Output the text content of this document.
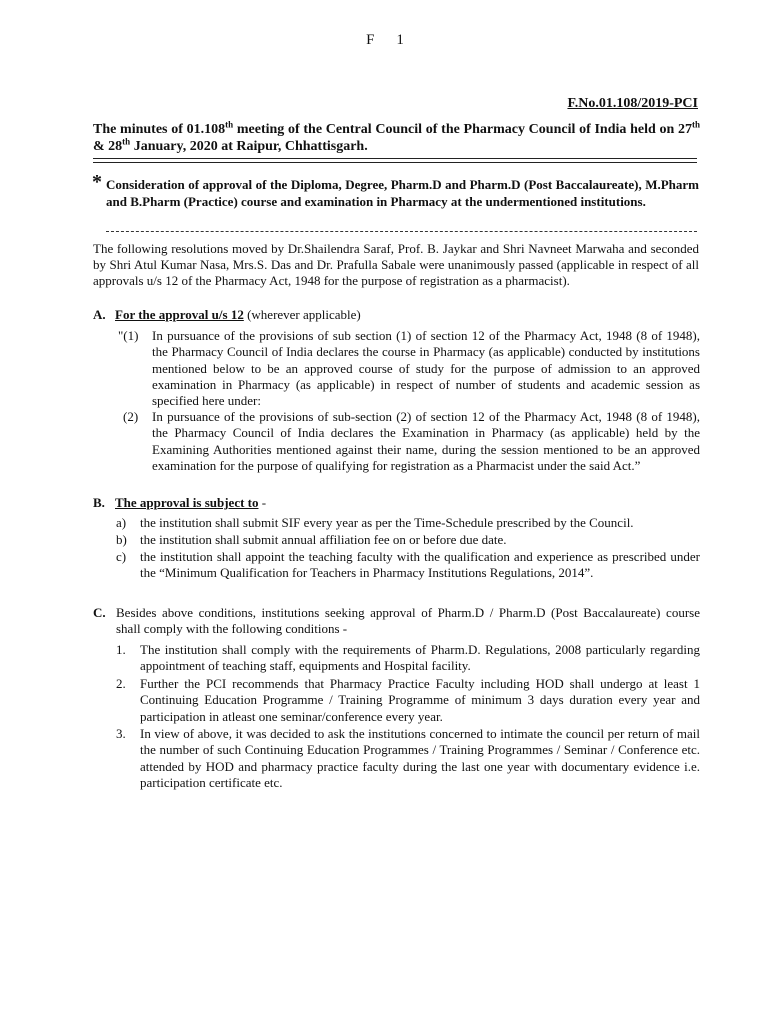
F 1
F.No.01.108/2019-PCI
The minutes of 01.108th meeting of the Central Council of the Pharmacy Council of India held on 27th & 28th January, 2020 at Raipur, Chhattisgarh.
* Consideration of approval of the Diploma, Degree, Pharm.D and Pharm.D (Post Baccalaureate), M.Pharm and B.Pharm (Practice) course and examination in Pharmacy at the undermentioned institutions.
The following resolutions moved by Dr.Shailendra Saraf, Prof. B. Jaykar and Shri Navneet Marwaha and seconded by Shri Atul Kumar Nasa, Mrs.S. Das and Dr. Prafulla Sabale were unanimously passed (applicable in respect of all approvals u/s 12 of the Pharmacy Act, 1948 for the purpose of registration as a pharmacist).
A. For the approval u/s 12 (wherever applicable)
"(1)	In pursuance of the provisions of sub section (1) of section 12 of the Pharmacy Act, 1948 (8 of 1948), the Pharmacy Council of India declares the course in Pharmacy (as applicable) conducted by institutions mentioned below to be an approved course of study for the purpose of admission to an approved examination in Pharmacy (as applicable) in respect of number of students and academic session as specified here under:
(2)	In pursuance of the provisions of sub-section (2) of section 12 of the Pharmacy Act, 1948 (8 of 1948), the Pharmacy Council of India declares the Examination in Pharmacy (as applicable) held by the Examining Authorities mentioned against their name, during the session mentioned to be an approved examination for the purpose of qualifying for registration as a Pharmacist under the said Act.”
B. The approval is subject to -
a)	the institution shall submit SIF every year as per the Time-Schedule prescribed by the Council.
b)	the institution shall submit annual affiliation fee on or before due date.
c)	the institution shall appoint the teaching faculty with the qualification and experience as prescribed under the “Minimum Qualification for Teachers in Pharmacy Institutions Regulations, 2014”.
C. Besides above conditions, institutions seeking approval of Pharm.D / Pharm.D (Post Baccalaureate) course shall comply with the following conditions -
1.	The institution shall comply with the requirements of Pharm.D. Regulations, 2008 particularly regarding appointment of teaching staff, equipments and Hospital facility.
2.	Further the PCI recommends that Pharmacy Practice Faculty including HOD shall undergo at least 1 Continuing Education Programme / Training Programme of minimum 3 days duration every year and participation in atleast one seminar/conference every year.
3.	In view of above, it was decided to ask the institutions concerned to intimate the council per return of mail the number of such Continuing Education Programmes / Training Programmes / Seminar / Conference etc. attended by HOD and pharmacy practice faculty during the last one year with documentary evidence i.e. participation certificate etc.
